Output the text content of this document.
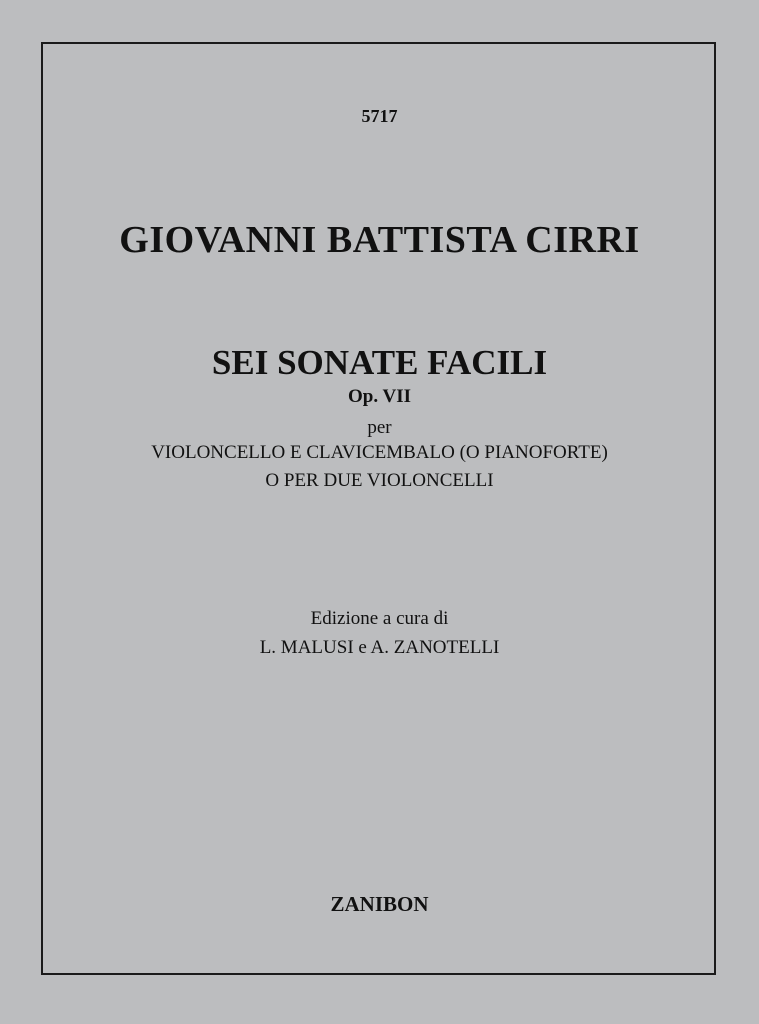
5717
GIOVANNI BATTISTA CIRRI
SEI SONATE FACILI
Op. VII
per
VIOLONCELLO E CLAVICEMBALO (O PIANOFORTE)
O PER DUE VIOLONCELLI
Edizione a cura di
L. MALUSI e A. ZANOTELLI
ZANIBON
